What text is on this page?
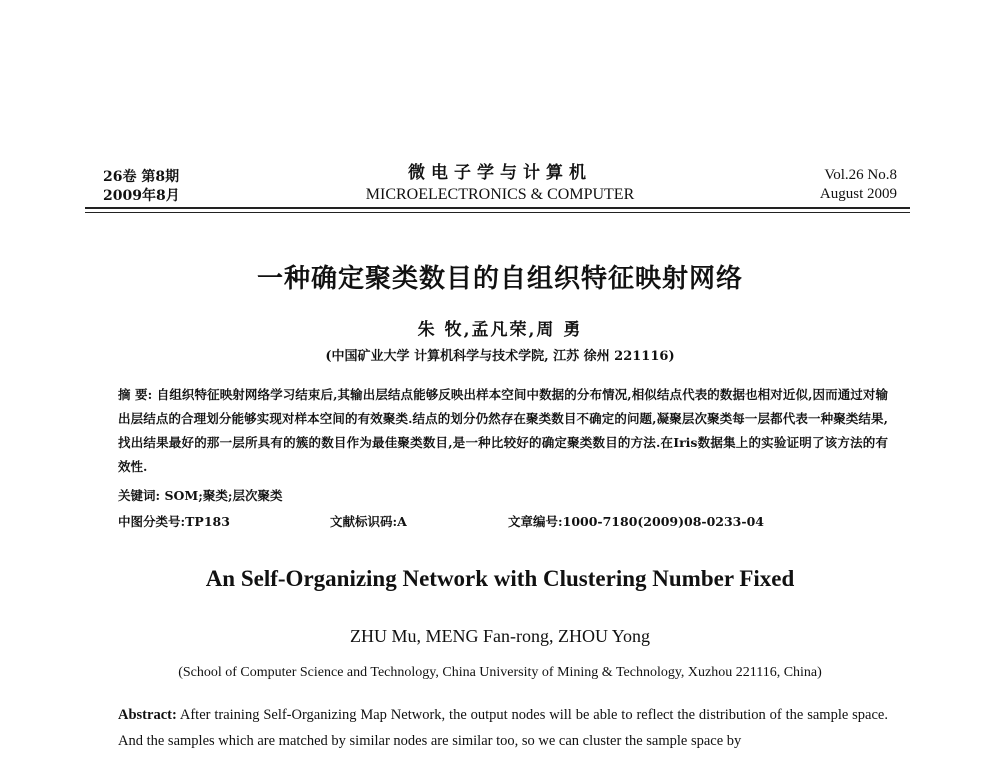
26卷 第8期
2009年8月
微电子学与计算机
MICROELECTRONICS & COMPUTER
Vol.26 No.8
August 2009
一种确定聚类数目的自组织特征映射网络
朱 牧,孟凡荣,周 勇
(中国矿业大学 计算机科学与技术学院, 江苏 徐州 221116)
摘 要: 自组织特征映射网络学习结束后,其输出层结点能够反映出样本空间中数据的分布情况,相似结点代表的数据也相对近似,因而通过对输出层结点的合理划分能够实现对样本空间的有效聚类.结点的划分仍然存在聚类数目不确定的问题,凝聚层次聚类每一层都代表一种聚类结果,找出结果最好的那一层所具有的簇的数目作为最佳聚类数目,是一种比较好的确定聚类数目的方法.在Iris数据集上的实验证明了该方法的有效性.
关键词: SOM;聚类;层次聚类
中图分类号:TP183	文献标识码:A	文章编号:1000-7180(2009)08-0233-04
An Self-Organizing Network with Clustering Number Fixed
ZHU Mu, MENG Fan-rong, ZHOU Yong
(School of Computer Science and Technology, China University of Mining & Technology, Xuzhou 221116, China)
Abstract: After training Self-Organizing Map Network, the output nodes will be able to reflect the distribution of the sample space. And the samples which are matched by similar nodes are similar too, so we can cluster the sample space by
